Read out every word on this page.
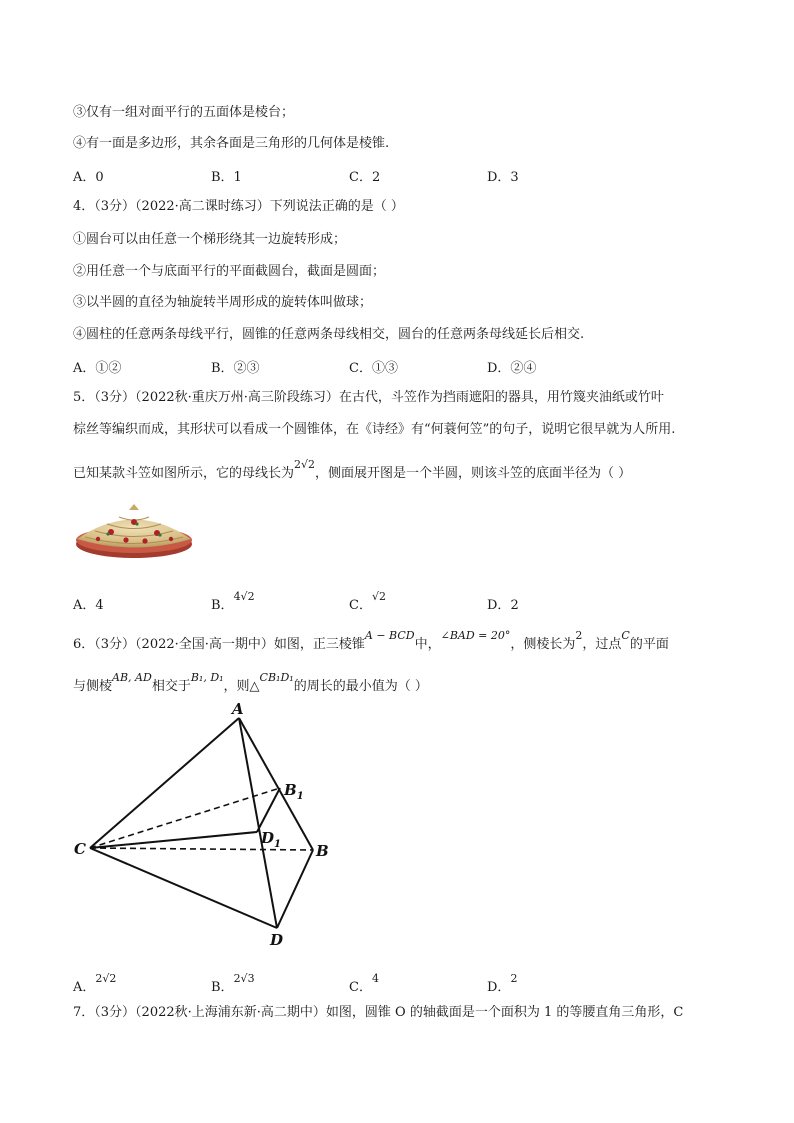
③仅有一组对面平行的五面体是棱台；
④有一面是多边形，其余各面是三角形的几何体是棱锥.
A．0	B．1	C．2	D．3
4．（3分）（2022·高二课时练习）下列说法正确的是（ ）
①圆台可以由任意一个梯形绕其一边旋转形成；
②用任意一个与底面平行的平面截圆台，截面是圆面；
③以半圆的直径为轴旋转半周形成的旋转体叫做球；
④圆柱的任意两条母线平行，圆锥的任意两条母线相交，圆台的任意两条母线延长后相交.
A．①②	B．②③	C．①③	D．②④
5．（3分）（2022秋·重庆万州·高三阶段练习）在古代，斗笠作为挡雨遮阳的器具，用竹篾夹油纸或竹叶
棕丝等编织而成，其形状可以看成一个圆锥体，在《诗经》有“何蓑何笠”的句子，说明它很早就为人所用.
已知某款斗笠如图所示，它的母线长为$^{2√2}$，侧面展开图是一个半圆，则该斗笠的底面半径为（ ）
A．4	B．$^{4√2}$
C．$^{√2}$
D．2
6．（3分）（2022·全国·高一期中）如图，正三棱锥$^{A - BCD}$中，$^{\angle BAD = 20^\circ}$，侧棱长为$^2$，过点$^C$的平面
与侧棱$^{AB, AD}$相交于$^{B_1, D_1}$，则△$^{CB_1D_1}$的周长的最小值为（ ）
A
$B_1$
$D_1$
C	B
D
A．$^{2√2}$
B．$^{2√3}$
C．$^4$
D．$^2$
7．（3分）（2022秋·上海浦东新·高二期中）如图，圆锥 O 的轴截面是一个面积为 1 的等腰直角三角形，C
